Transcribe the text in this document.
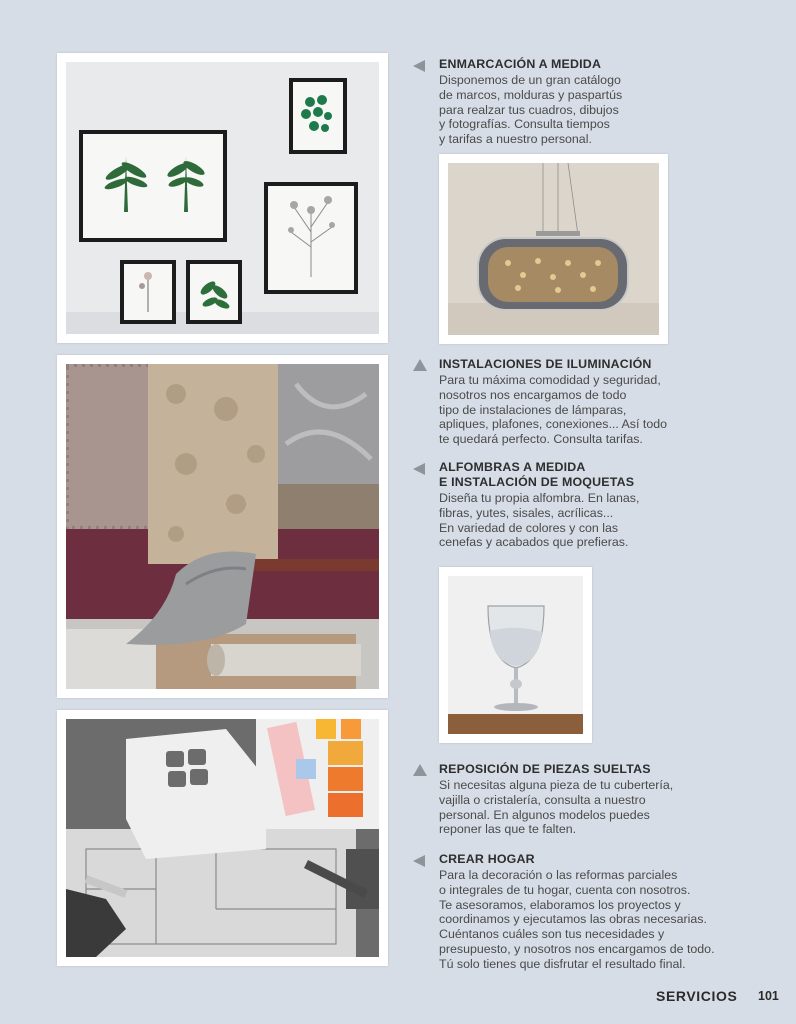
ENMARCACIÓN A MEDIDA

Disponemos de un gran catálogo
de marcos, molduras y paspartús
para realzar tus cuadros, dibujos
y fotografías. Consulta tiempos
y tarifas a nuestro personal.

INSTALACIONES DE ILUMINACIÓN

Para tu máxima comodidad y seguridad,
nosotros nos encargamos de todo
tipo de instalaciones de lámparas,
apliques, plafones, conexiones... Así todo
te quedará perfecto. Consulta tarifas.

ALFOMBRAS A MEDIDA
E INSTALACIÓN DE MOQUETAS

Diseña tu propia alfombra. En lanas,
fibras, yutes, sisales, acrílicas...
En variedad de colores y con las
cenefas y acabados que prefieras.

REPOSICIÓN DE PIEZAS SUELTAS

Si necesitas alguna pieza de tu cubertería,
vajilla o cristalería, consulta a nuestro
personal. En algunos modelos puedes
reponer las que te falten.

CREAR HOGAR

Para la decoración o las reformas parciales
o integrales de tu hogar, cuenta con nosotros.
Te asesoramos, elaboramos los proyectos y
coordinamos y ejecutamos las obras necesarias.
Cuéntanos cuáles son tus necesidades y
presupuesto, y nosotros nos encargamos de todo.
Tú solo tienes que disfrutar el resultado final.

SERVICIOS 101
